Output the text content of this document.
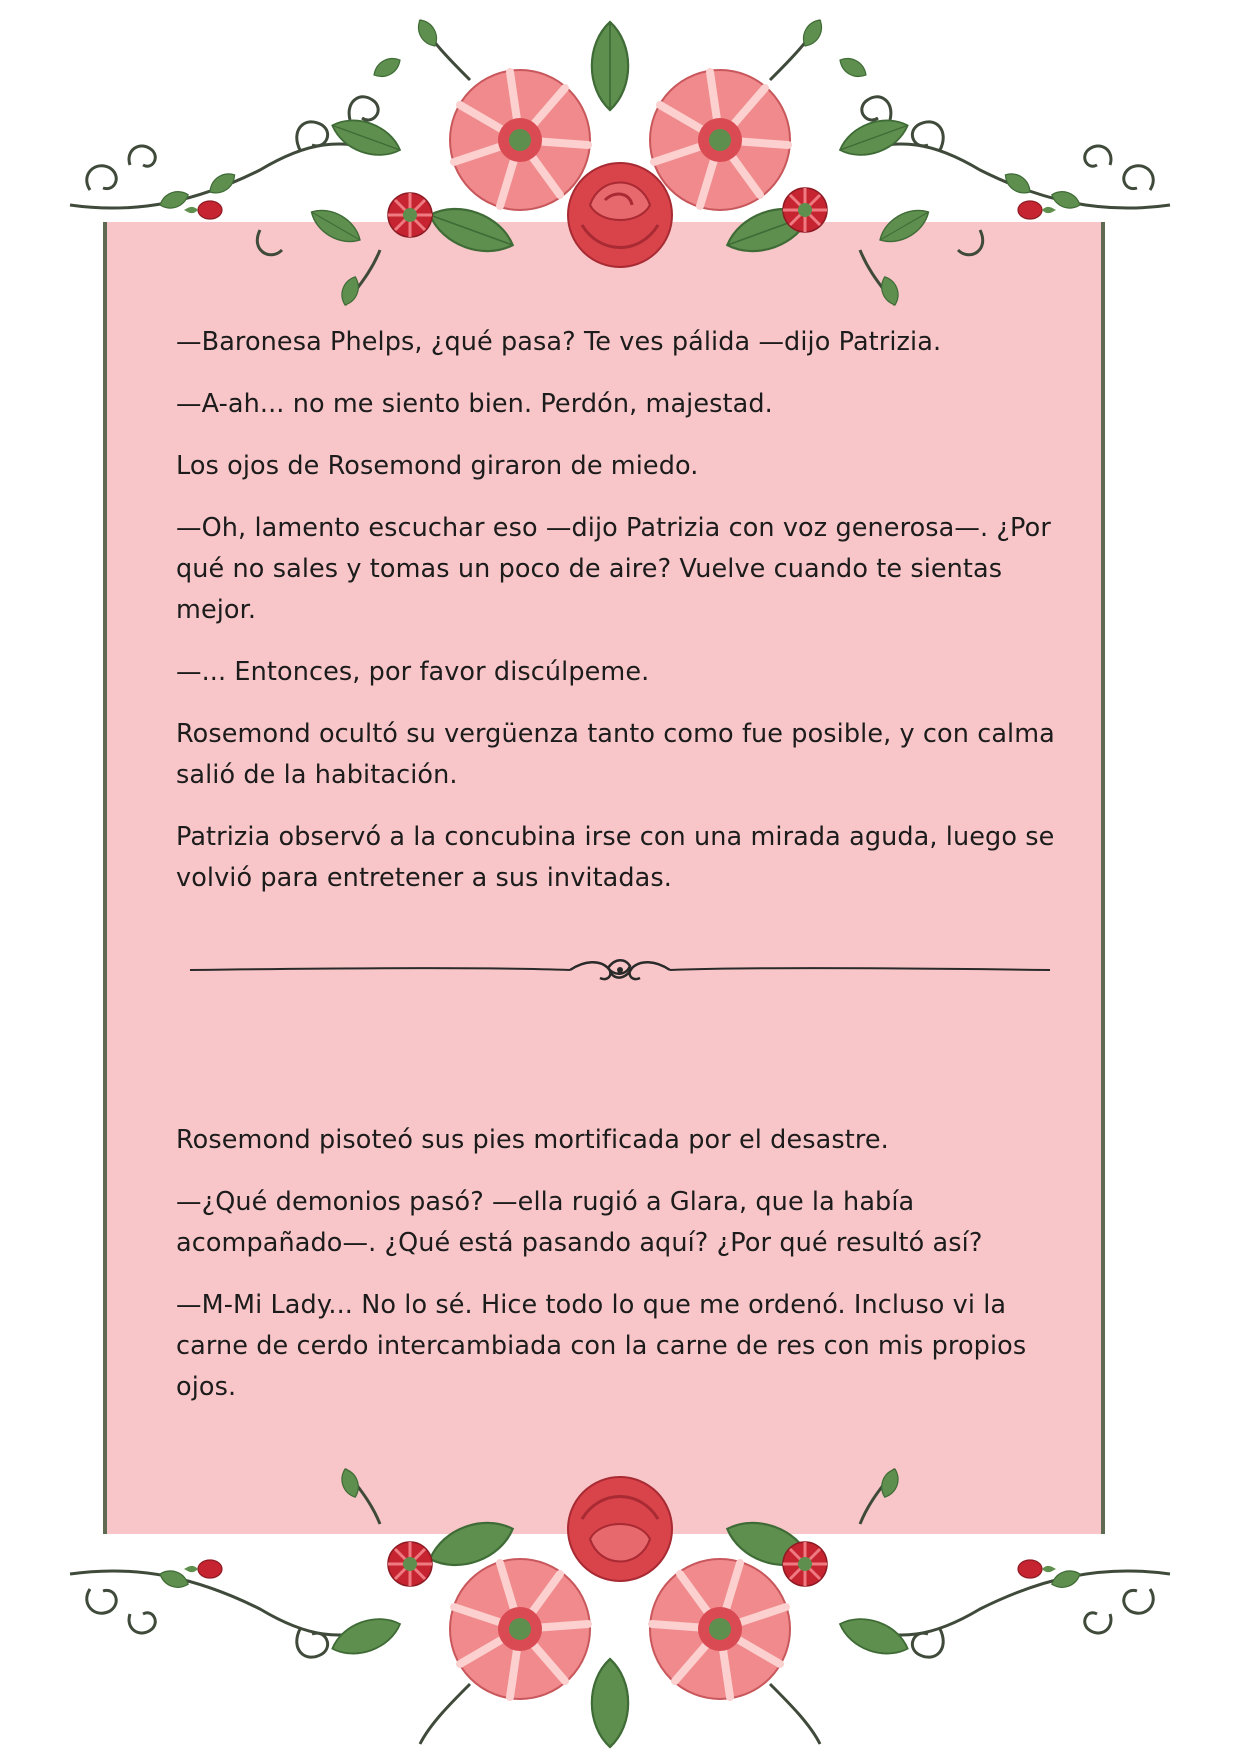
—Baronesa Phelps, ¿qué pasa? Te ves pálida —dijo Patrizia.

—A-ah... no me siento bien. Perdón, majestad.

Los ojos de Rosemond giraron de miedo.

—Oh, lamento escuchar eso —dijo Patrizia con voz generosa—. ¿Por qué no sales y tomas un poco de aire? Vuelve cuando te sientas mejor.

—... Entonces, por favor discúlpeme.

Rosemond ocultó su vergüenza tanto como fue posible, y con calma salió de la habitación.

Patrizia observó a la concubina irse con una mirada aguda, luego se volvió para entretener a sus invitadas.

Rosemond pisoteó sus pies mortificada por el desastre.

—¿Qué demonios pasó? —ella rugió a Glara, que la había acompañado—. ¿Qué está pasando aquí? ¿Por qué resultó así?

—M-Mi Lady... No lo sé. Hice todo lo que me ordenó. Incluso vi la carne de cerdo intercambiada con la carne de res con mis propios ojos.
